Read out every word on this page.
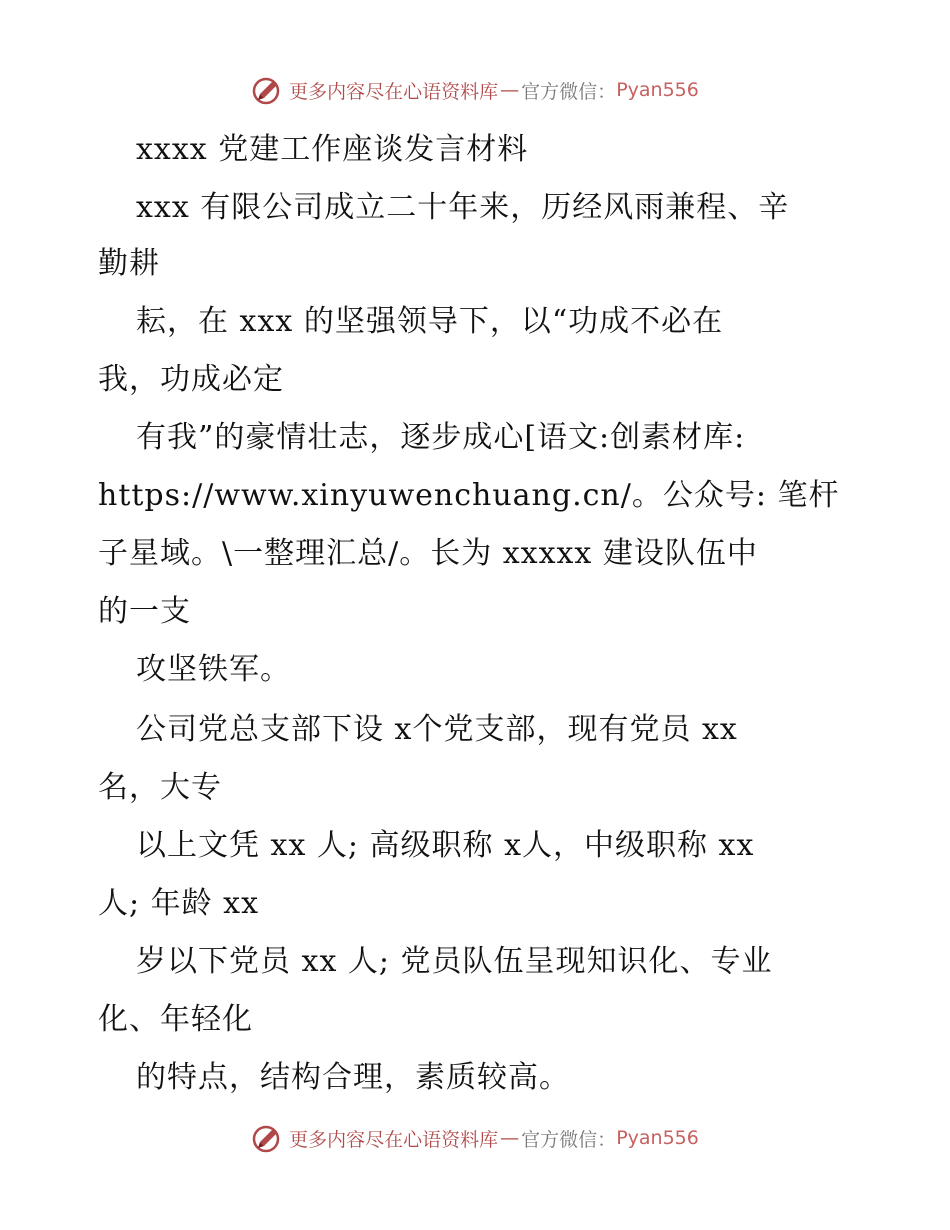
更多内容尽在心语资料库 — 官方微信： Pyan556
xxxx 党建工作座谈发言材料
xxx 有限公司成立二十年来，历经风雨兼程、辛
勤耕
耘，在 xxx 的坚强领导下，以“功成不必在
我，功成必定
有我”的豪情壮志，逐步成心[语文:创素材库:
https://www.xinyuwenchuang.cn/。公众号: 笔杆
子星域。\一整理汇总/。长为 xxxxx 建设队伍中
的一支
攻坚铁军。
公司党总支部下设 x个党支部，现有党员 xx
名，大专
以上文凭 xx 人; 高级职称 x人，中级职称 xx
人; 年龄 xx
岁以下党员 xx 人; 党员队伍呈现知识化、专业
化、年轻化
的特点，结构合理，素质较高。
更多内容尽在心语资料库 — 官方微信： Pyan556
